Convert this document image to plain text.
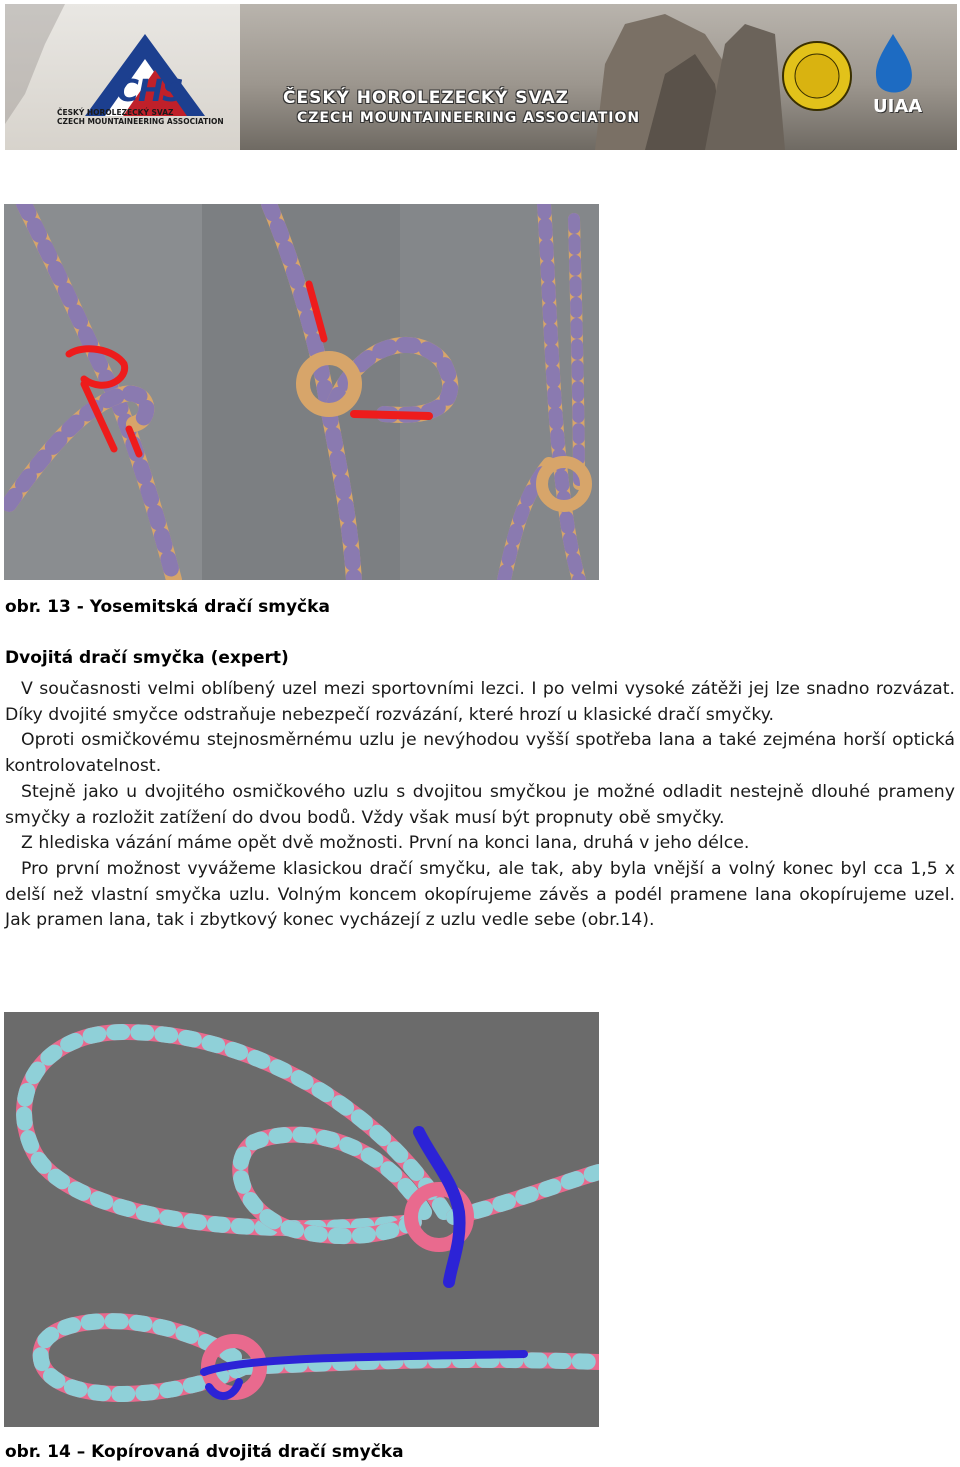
CHS
ČESKÝ HOROLEZECKÝ SVAZ
CZECH MOUNTAINEERING ASSOCIATION
ČESKÝ HOROLEZECKÝ SVAZ
CZECH MOUNTAINEERING ASSOCIATION
UIAA
obr. 13 - Yosemitská dračí smyčka
Dvojitá dračí smyčka (expert)

V současnosti velmi oblíbený uzel mezi sportovními lezci. I po velmi vysoké zátěži jej lze snadno rozvázat. Díky dvojité smyčce odstraňuje nebezpečí rozvázání, které hrozí u klasické dračí smyčky.

Oproti osmičkovému stejnosměrnému uzlu je nevýhodou vyšší spotřeba lana a také zejména horší optická kontrolovatelnost.

Stejně jako u dvojitého osmičkového uzlu s dvojitou smyčkou je možné odladit nestejně dlouhé prameny smyčky a rozložit zatížení do dvou bodů. Vždy však musí být propnuty obě smyčky.

Z hlediska vázání máme opět dvě možnosti. První na konci lana, druhá v jeho délce.

Pro první možnost vyvážeme klasickou dračí smyčku, ale tak, aby byla vnější a volný konec byl cca 1,5 x delší než vlastní smyčka uzlu. Volným koncem okopírujeme závěs a podél pramene lana okopírujeme uzel. Jak pramen lana, tak i zbytkový konec vycházejí z uzlu vedle sebe (obr.14).

obr. 14 – Kopírovaná dvojitá dračí smyčka
